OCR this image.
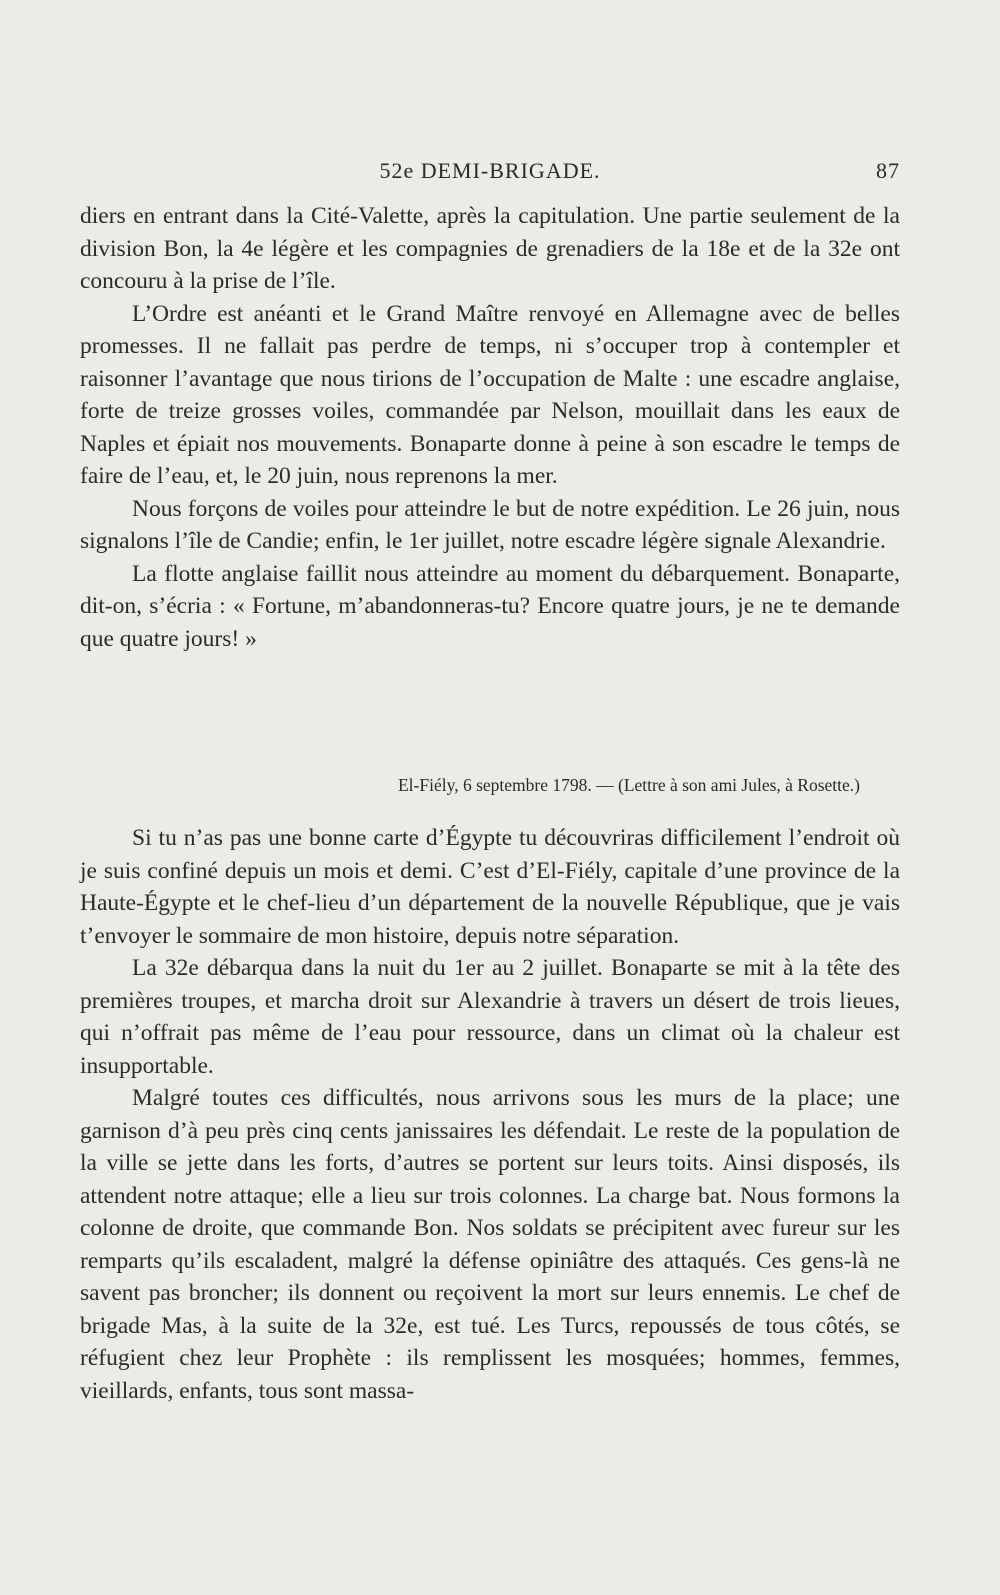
52e DEMI-BRIGADE.	87

diers en entrant dans la Cité-Valette, après la capitulation. Une partie seulement de la division Bon, la 4e légère et les compagnies de grenadiers de la 18e et de la 32e ont concouru à la prise de l’île.

L’Ordre est anéanti et le Grand Maître renvoyé en Allemagne avec de belles promesses. Il ne fallait pas perdre de temps, ni s’occuper trop à contempler et raisonner l’avantage que nous tirions de l’occupation de Malte : une escadre anglaise, forte de treize grosses voiles, commandée par Nelson, mouillait dans les eaux de Naples et épiait nos mouvements. Bonaparte donne à peine à son escadre le temps de faire de l’eau, et, le 20 juin, nous reprenons la mer.

Nous forçons de voiles pour atteindre le but de notre expédition. Le 26 juin, nous signalons l’île de Candie; enfin, le 1er juillet, notre escadre légère signale Alexandrie.

La flotte anglaise faillit nous atteindre au moment du débarquement. Bonaparte, dit-on, s’écria : « Fortune, m’abandonneras-tu? Encore quatre jours, je ne te demande que quatre jours! »

El-Fiély, 6 septembre 1798. — (Lettre à son ami Jules, à Rosette.)

Si tu n’as pas une bonne carte d’Égypte tu découvriras difficilement l’endroit où je suis confiné depuis un mois et demi. C’est d’El-Fiély, capitale d’une province de la Haute-Égypte et le chef-lieu d’un département de la nouvelle République, que je vais t’envoyer le sommaire de mon histoire, depuis notre séparation.

La 32e débarqua dans la nuit du 1er au 2 juillet. Bonaparte se mit à la tête des premières troupes, et marcha droit sur Alexandrie à travers un désert de trois lieues, qui n’offrait pas même de l’eau pour ressource, dans un climat où la chaleur est insupportable.

Malgré toutes ces difficultés, nous arrivons sous les murs de la place; une garnison d’à peu près cinq cents janissaires les défendait. Le reste de la population de la ville se jette dans les forts, d’autres se portent sur leurs toits. Ainsi disposés, ils attendent notre attaque; elle a lieu sur trois colonnes. La charge bat. Nous formons la colonne de droite, que commande Bon. Nos soldats se précipitent avec fureur sur les remparts qu’ils escaladent, malgré la défense opiniâtre des attaqués. Ces gens-là ne savent pas broncher; ils donnent ou reçoivent la mort sur leurs ennemis. Le chef de brigade Mas, à la suite de la 32e, est tué. Les Turcs, repoussés de tous côtés, se réfugient chez leur Prophète : ils remplissent les mosquées; hommes, femmes, vieillards, enfants, tous sont massa-
